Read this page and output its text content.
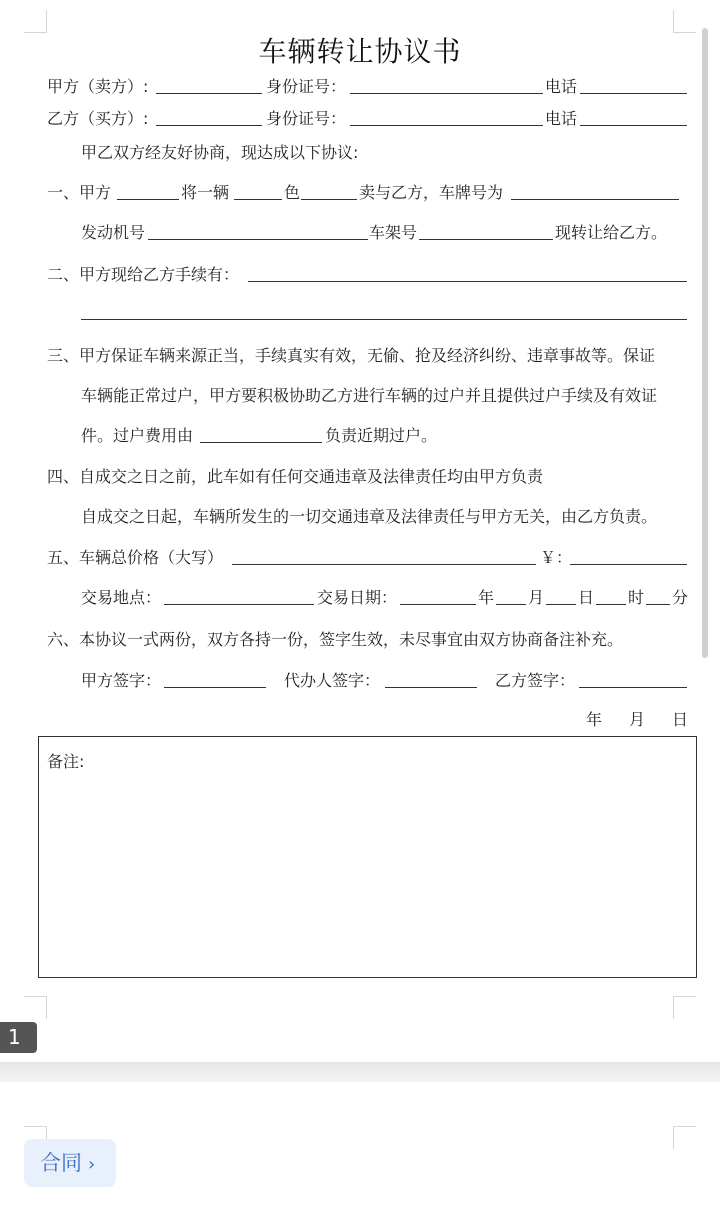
车辆转让协议书
甲方（卖方）:	身份证号：	电话
乙方（买方）:	身份证号：	电话
甲乙双方经友好协商，现达成以下协议:
一、甲方	将一辆	色	卖与乙方，车牌号为
发动机号	车架号	现转让给乙方。
二、甲方现给乙方手续有：
三、甲方保证车辆来源正当，手续真实有效，无偷、抢及经济纠纷、违章事故等。保证
车辆能正常过户，甲方要积极协助乙方进行车辆的过户并且提供过户手续及有效证
件。过户费用由	负责近期过户。
四、自成交之日之前，此车如有任何交通违章及法律责任均由甲方负责
自成交之日起，车辆所发生的一切交通违章及法律责任与甲方无关，由乙方负责。
五、车辆总价格（大写）	￥：
交易地点：	交易日期：	年 月 日 时 分
六、本协议一式两份，双方各持一份，签字生效，未尽事宜由双方协商备注补充。
甲方签字：	代办人签字：	乙方签字：
年 月 日
备注:
1
合同 ›
